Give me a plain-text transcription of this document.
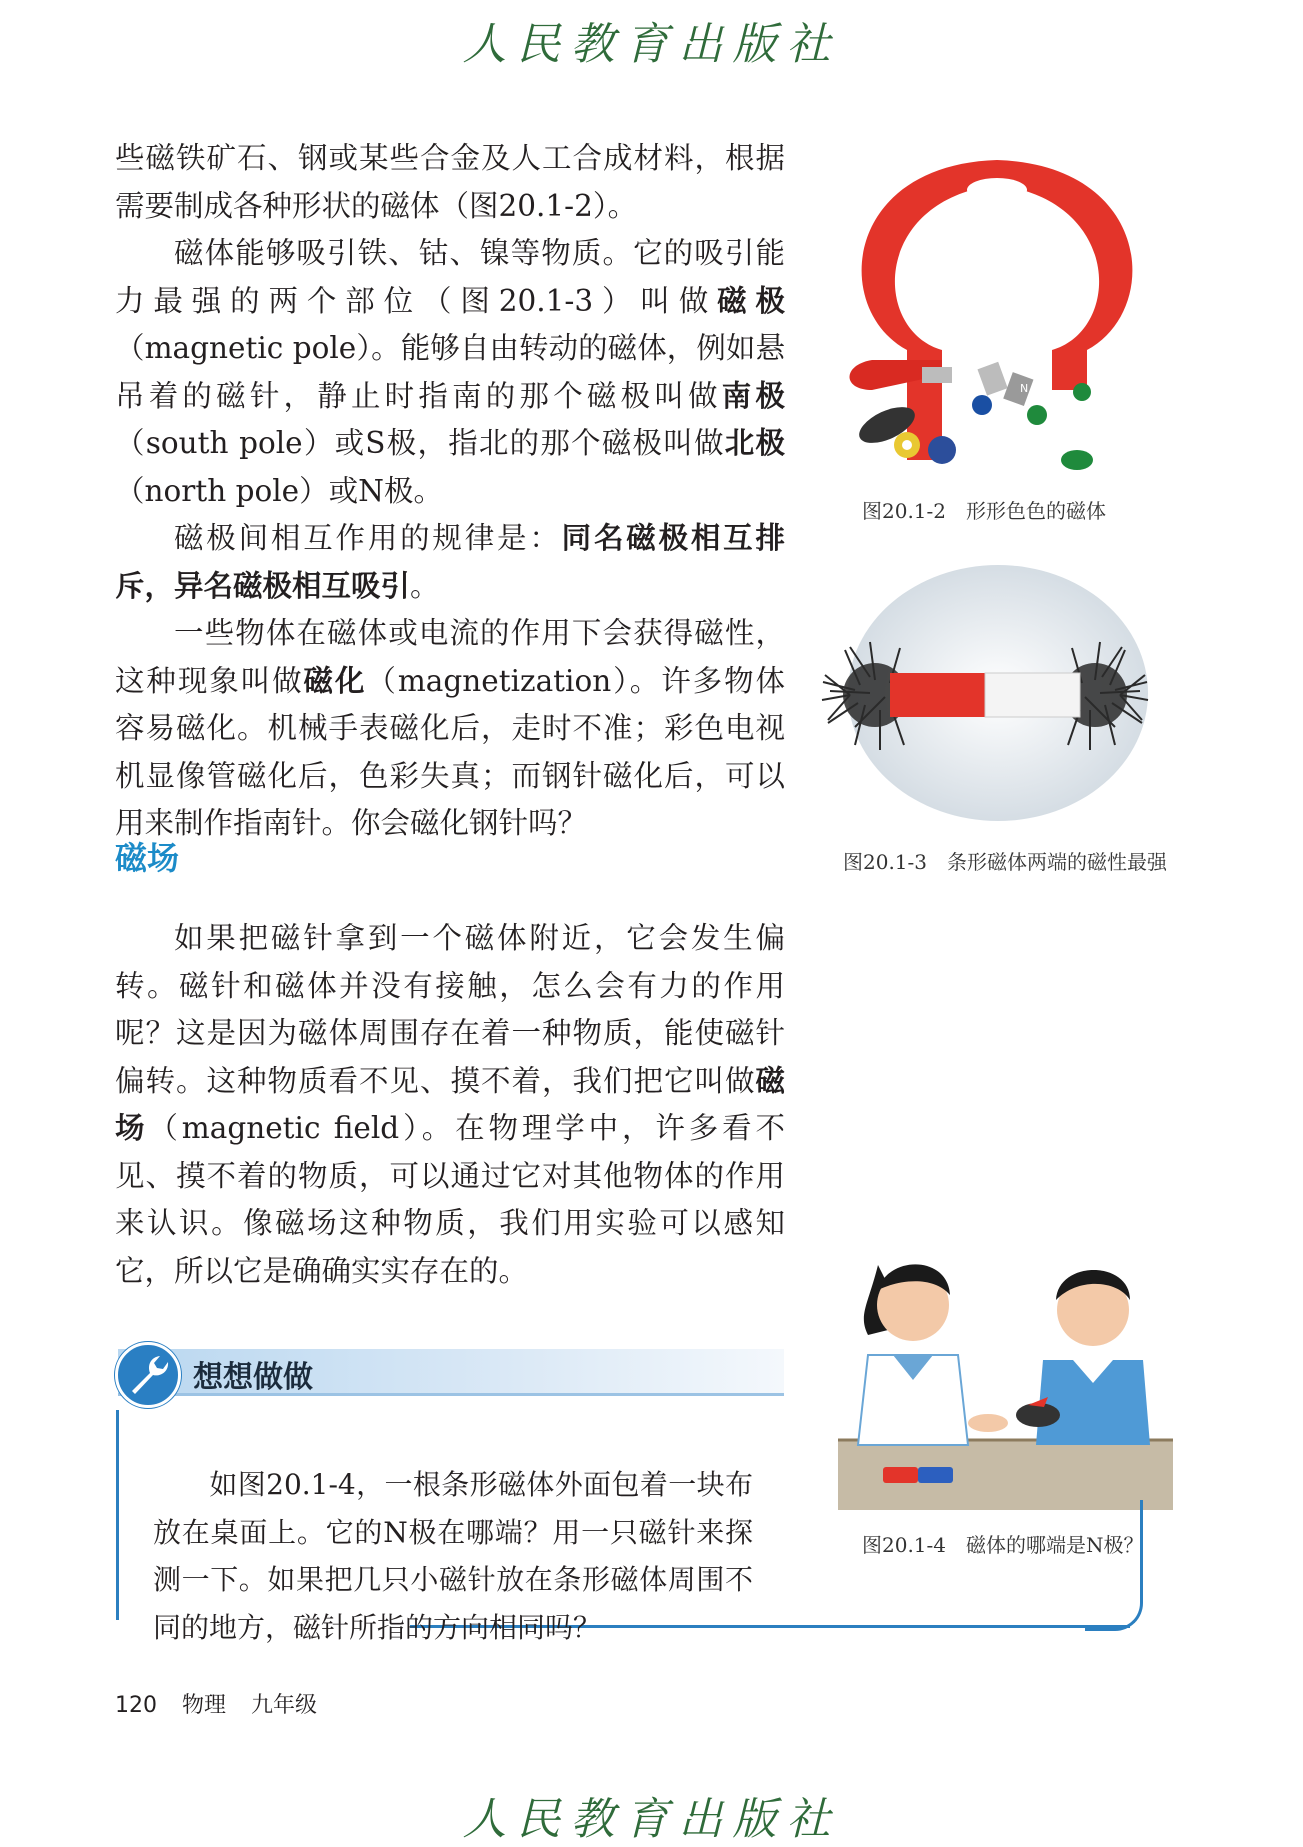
人民教育出版社

些磁铁矿石、钢或某些合金及人工合成材料，根据需要制成各种形状的磁体（图20.1-2）。

磁体能够吸引铁、钴、镍等物质。它的吸引能力最强的两个部位（图20.1-3）叫做磁极（magnetic pole）。能够自由转动的磁体，例如悬吊着的磁针，静止时指南的那个磁极叫做南极（south pole）或S极，指北的那个磁极叫做北极（north pole）或N极。

磁极间相互作用的规律是：同名磁极相互排斥，异名磁极相互吸引。

一些物体在磁体或电流的作用下会获得磁性，这种现象叫做磁化（magnetization）。许多物体容易磁化。机械手表磁化后，走时不准；彩色电视机显像管磁化后，色彩失真；而钢针磁化后，可以用来制作指南针。你会磁化钢针吗？

磁场

如果把磁针拿到一个磁体附近，它会发生偏转。磁针和磁体并没有接触，怎么会有力的作用呢？这是因为磁体周围存在着一种物质，能使磁针偏转。这种物质看不见、摸不着，我们把它叫做磁场（magnetic field）。在物理学中，许多看不见、摸不着的物质，可以通过它对其他物体的作用来认识。像磁场这种物质，我们用实验可以感知它，所以它是确确实实存在的。

S
N
图20.1-2　形形色色的磁体
图20.1-3　条形磁体两端的磁性最强
图20.1-4　磁体的哪端是N极？
想想做做

如图20.1-4，一根条形磁体外面包着一块布放在桌面上。它的N极在哪端？用一只磁针来探测一下。如果把几只小磁针放在条形磁体周围不同的地方，磁针所指的方向相同吗？

120 物理 九年级
人民教育出版社
